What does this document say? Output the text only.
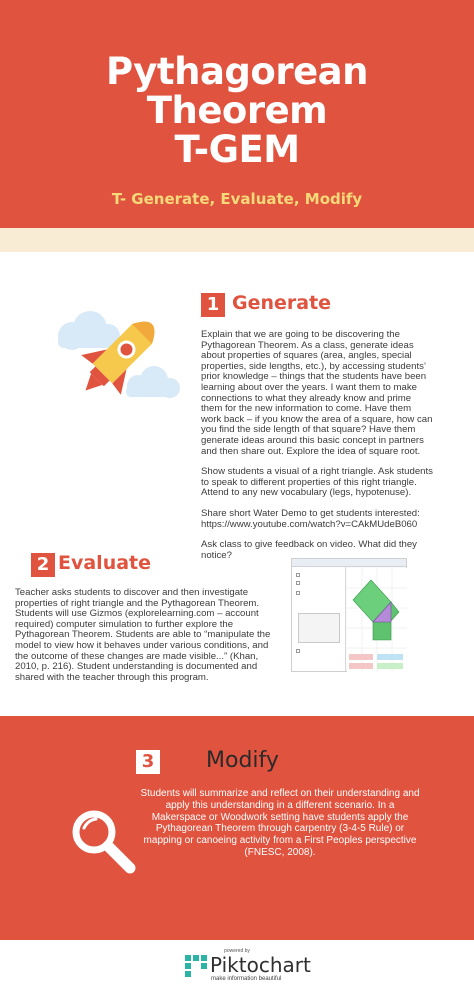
Pythagorean
Theorem
T-GEM
T- Generate, Evaluate, Modify
1 Generate

Explain that we are going to be discovering the Pythagorean Theorem. As a class, generate ideas about properties of squares (area, angles, special properties, side lengths, etc.), by accessing students’ prior knowledge – things that the students have been learning about over the years. I want them to make connections to what they already know and prime them for the new information to come. Have them work back – if you know the area of a square, how can you find the side length of that square? Have them generate ideas around this basic concept in partners and then share out. Explore the idea of square root.

Show students a visual of a right triangle. Ask students to speak to different properties of this right triangle. Attend to any new vocabulary (legs, hypotenuse).

Share short Water Demo to get students interested: https://www.youtube.com/watch?v=CAkMUdeB060

Ask class to give feedback on video. What did they notice?

2 Evaluate
Teacher asks students to discover and then investigate properties of right triangle and the Pythagorean Theorem. Students will use Gizmos (explorelearning.com – account required) computer simulation to further explore the Pythagorean Theorem. Students are able to “manipulate the model to view how it behaves under various conditions, and the outcome of these changes are made visible...” (Khan, 2010, p. 216). Student understanding is documented and shared with the teacher through this program.
3 Modify
Students will summarize and reflect on their understanding and apply this understanding in a different scenario. In a Makerspace or Woodwork setting have students apply the Pythagorean Theorem through carpentry (3-4-5 Rule) or mapping or canoeing activity from a First Peoples perspective (FNESC, 2008).
powered by
Piktochart
make information beautiful
